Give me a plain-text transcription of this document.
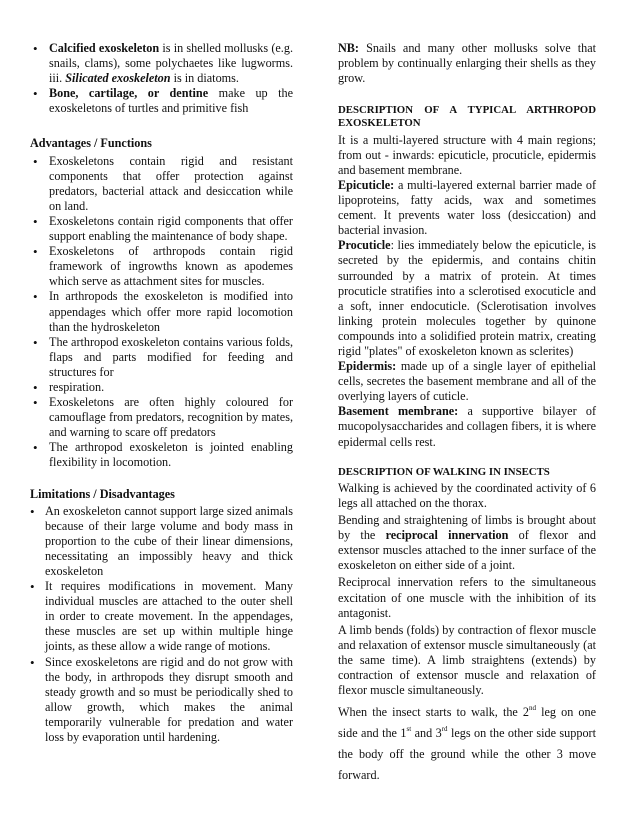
• Calcified exoskeleton is in shelled mollusks (e.g. snails, clams), some polychaetes like lugworms. iii. Silicated exoskeleton is in diatoms.
• Bone, cartilage, or dentine make up the exoskeletons of turtles and primitive fish

Advantages / Functions

• Exoskeletons contain rigid and resistant components that offer protection against predators, bacterial attack and desiccation while on land.
• Exoskeletons contain rigid components that offer support enabling the maintenance of body shape.
• Exoskeletons of arthropods contain rigid framework of ingrowths known as apodemes which serve as attachment sites for muscles.
• In arthropods the exoskeleton is modified into appendages which offer more rapid locomotion than the hydroskeleton
• The arthropod exoskeleton contains various folds, flaps and parts modified for feeding and structures for
• respiration.
• Exoskeletons are often highly coloured for camouflage from predators, recognition by mates, and warning to scare off predators
• The arthropod exoskeleton is jointed enabling flexibility in locomotion.

Limitations / Disadvantages

• An exoskeleton cannot support large sized animals because of their large volume and body mass in proportion to the cube of their linear dimensions, necessitating an impossibly heavy and thick exoskeleton
• It requires modifications in movement. Many individual muscles are attached to the outer shell in order to create movement. In the appendages, these muscles are set up within multiple hinge joints, as these allow a wide range of motions.
• Since exoskeletons are rigid and do not grow with the body, in arthropods they disrupt smooth and steady growth and so must be periodically shed to allow growth, which makes the animal temporarily vulnerable for predation and water loss by evaporation until hardening.

NB: Snails and many other mollusks solve that problem by continually enlarging their shells as they grow.

DESCRIPTION OF A TYPICAL ARTHROPOD EXOSKELETON

It is a multi-layered structure with 4 main regions; from out - inwards: epicuticle, procuticle, epidermis and basement membrane.

Epicuticle: a multi-layered external barrier made of lipoproteins, fatty acids, wax and sometimes cement. It prevents water loss (desiccation) and bacterial invasion.

Procuticle: lies immediately below the epicuticle, is secreted by the epidermis, and contains chitin surrounded by a matrix of protein. At times procuticle stratifies into a sclerotised exocuticle and a soft, inner endocuticle. (Sclerotisation involves linking protein molecules together by quinone compounds into a solidified protein matrix, creating rigid "plates" of exoskeleton known as sclerites)

Epidermis: made up of a single layer of epithelial cells, secretes the basement membrane and all of the overlying layers of cuticle.

Basement membrane: a supportive bilayer of mucopolysaccharides and collagen fibers, it is where epidermal cells rest.

DESCRIPTION OF WALKING IN INSECTS

Walking is achieved by the coordinated activity of 6 legs all attached on the thorax.

Bending and straightening of limbs is brought about by the reciprocal innervation of flexor and extensor muscles attached to the inner surface of the exoskeleton on either side of a joint.

Reciprocal innervation refers to the simultaneous excitation of one muscle with the inhibition of its antagonist.

A limb bends (folds) by contraction of flexor muscle and relaxation of extensor muscle simultaneously (at the same time). A limb straightens (extends) by contraction of extensor muscle and relaxation of flexor muscle simultaneously.

When the insect starts to walk, the 2nd leg on one side and the 1st and 3rd legs on the other side support the body off the ground while the other 3 move forward.
